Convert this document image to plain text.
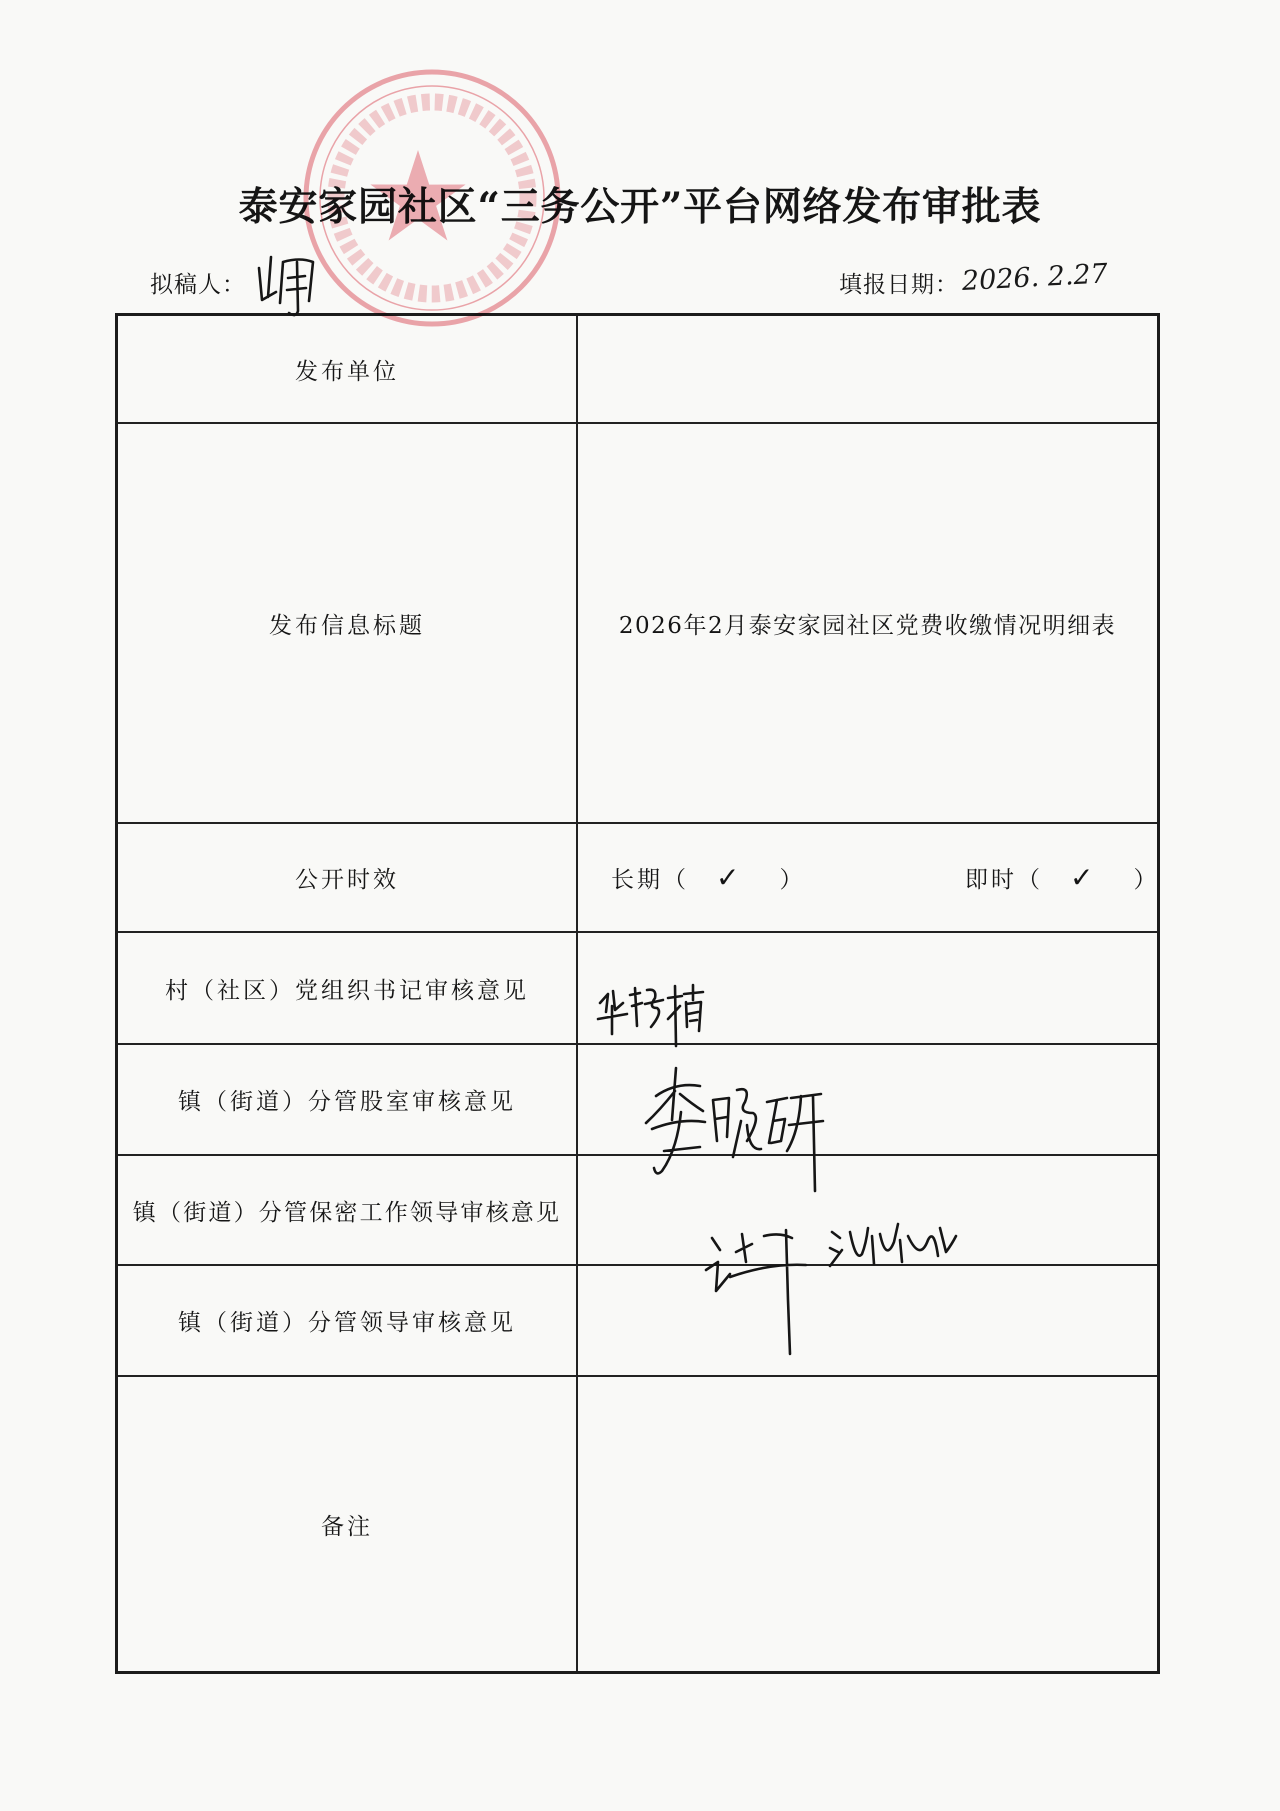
泰安家园社区“三务公开”平台网络发布审批表
拟稿人：	填报日期： 2026. 2.27
发布单位
发布信息标题	2026年2月泰安家园社区党费收缴情况明细表
公开时效	长期 （ ✓ ）	即时 （ ✓ ）
村（社区）党组织书记审核意见
镇（街道）分管股室审核意见
镇（街道）分管保密工作领导审核意见
镇（街道）分管领导审核意见
备注
